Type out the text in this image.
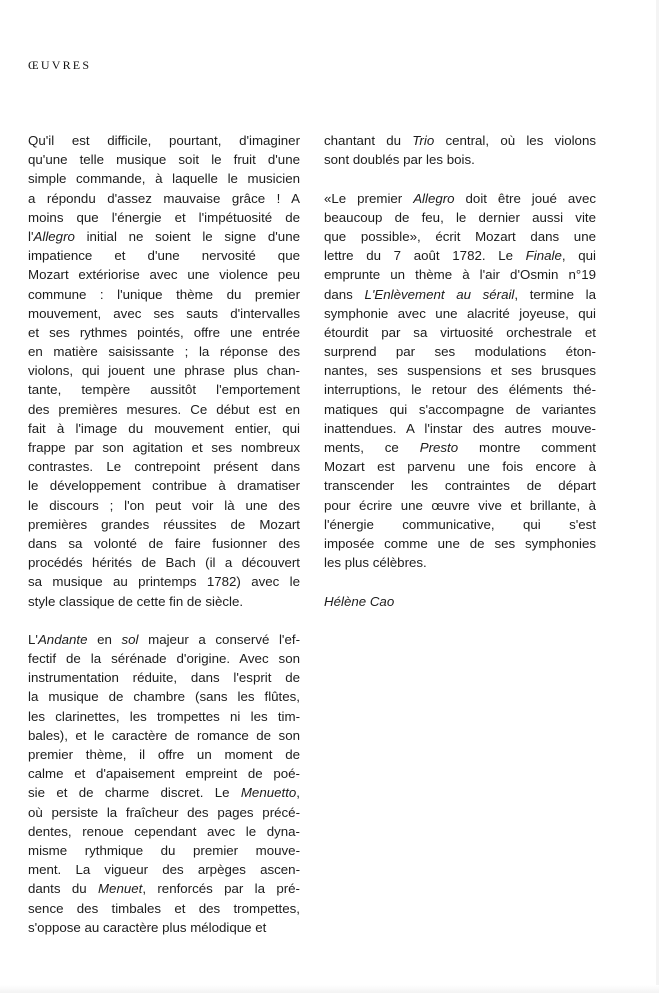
ŒUVRES
Qu'il est difficile, pourtant, d'imaginer
qu'une telle musique soit le fruit d'une
simple commande, à laquelle le musicien
a répondu d'assez mauvaise grâce ! A
moins que l'énergie et l'impétuosité de
l'Allegro initial ne soient le signe d'une
impatience et d'une nervosité que
Mozart extériorise avec une violence peu
commune : l'unique thème du premier
mouvement, avec ses sauts d'intervalles
et ses rythmes pointés, offre une entrée
en matière saisissante ; la réponse des
violons, qui jouent une phrase plus chan-
tante, tempère aussitôt l'emportement
des premières mesures. Ce début est en
fait à l'image du mouvement entier, qui
frappe par son agitation et ses nombreux
contrastes. Le contrepoint présent dans
le développement contribue à dramatiser
le discours ; l'on peut voir là une des
premières grandes réussites de Mozart
dans sa volonté de faire fusionner des
procédés hérités de Bach (il a découvert
sa musique au printemps 1782) avec le
style classique de cette fin de siècle.
L'Andante en sol majeur a conservé l'ef-
fectif de la sérénade d'origine. Avec son
instrumentation réduite, dans l'esprit de
la musique de chambre (sans les flûtes,
les clarinettes, les trompettes ni les tim-
bales), et le caractère de romance de son
premier thème, il offre un moment de
calme et d'apaisement empreint de poé-
sie et de charme discret. Le Menuetto,
où persiste la fraîcheur des pages précé-
dentes, renoue cependant avec le dyna-
misme rythmique du premier mouve-
ment. La vigueur des arpèges ascen-
dants du Menuet, renforcés par la pré-
sence des timbales et des trompettes,
s'oppose au caractère plus mélodique et
chantant du Trio central, où les violons
sont doublés par les bois.
«Le premier Allegro doit être joué avec
beaucoup de feu, le dernier aussi vite
que possible», écrit Mozart dans une
lettre du 7 août 1782. Le Finale, qui
emprunte un thème à l'air d'Osmin n°19
dans L'Enlèvement au sérail, termine la
symphonie avec une alacrité joyeuse, qui
étourdit par sa virtuosité orchestrale et
surprend par ses modulations éton-
nantes, ses suspensions et ses brusques
interruptions, le retour des éléments thé-
matiques qui s'accompagne de variantes
inattendues. A l'instar des autres mouve-
ments, ce Presto montre comment
Mozart est parvenu une fois encore à
transcender les contraintes de départ
pour écrire une œuvre vive et brillante, à
l'énergie communicative, qui s'est
imposée comme une de ses symphonies
les plus célèbres.
Hélène Cao
